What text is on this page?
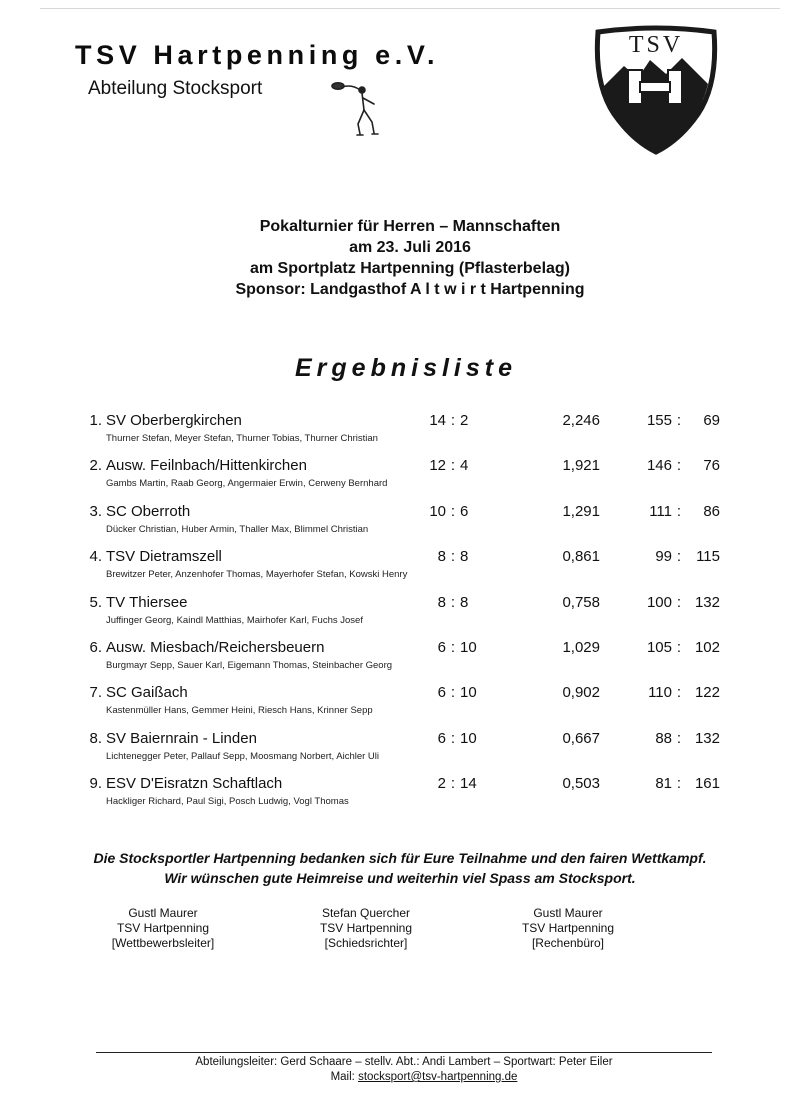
TSV Hartpenning e.V.
Abteilung Stocksport
TSV
Pokalturnier für Herren – Mannschaften
am 23. Juli 2016
am Sportplatz Hartpenning (Pflasterbelag)
Sponsor: Landgasthof A l t w i r t Hartpenning
Ergebnisliste
1. SV Oberbergkirchen
Thurner Stefan, Meyer Stefan, Thurner Tobias, Thurner Christian
14 : 2	2,246	155 : 69
2. Ausw. Feilnbach/Hittenkirchen
Gambs Martin, Raab Georg, Angermaier Erwin, Cerweny Bernhard
12 : 4	1,921	146 : 76
3. SC Oberroth
Dücker Christian, Huber Armin, Thaller Max, Blimmel Christian
10 : 6	1,291	111 : 86
4. TSV Dietramszell
Brewitzer Peter, Anzenhofer Thomas, Mayerhofer Stefan, Kowski Henry
8 : 8	0,861	99 : 115
5. TV Thiersee
Juffinger Georg, Kaindl Matthias, Mairhofer Karl, Fuchs Josef
8 : 8	0,758	100 : 132
6. Ausw. Miesbach/Reichersbeuern
Burgmayr Sepp, Sauer Karl, Eigemann Thomas, Steinbacher Georg
6 : 10	1,029	105 : 102
7. SC Gaißach
Kastenmüller Hans, Gemmer Heini, Riesch Hans, Krinner Sepp
6 : 10	0,902	110 : 122
8. SV Baiernrain - Linden
Lichtenegger Peter, Pallauf Sepp, Moosmang Norbert, Aichler Uli
6 : 10	0,667	88 : 132
9. ESV D'Eisratzn Schaftlach
Hackliger Richard, Paul Sigi, Posch Ludwig, Vogl Thomas
2 : 14	0,503	81 : 161
Die Stocksportler Hartpenning bedanken sich für Eure Teilnahme und den fairen Wettkampf.
Wir wünschen gute Heimreise und weiterhin viel Spass am Stocksport.
Gustl Maurer
TSV Hartpenning
[Wettbewerbsleiter]
Stefan Quercher
TSV Hartpenning
[Schiedsrichter]
Gustl Maurer
TSV Hartpenning
[Rechenbüro]
Abteilungsleiter: Gerd Schaare – stellv. Abt.: Andi Lambert – Sportwart: Peter Eiler
Mail: stocksport@tsv-hartpenning.de
